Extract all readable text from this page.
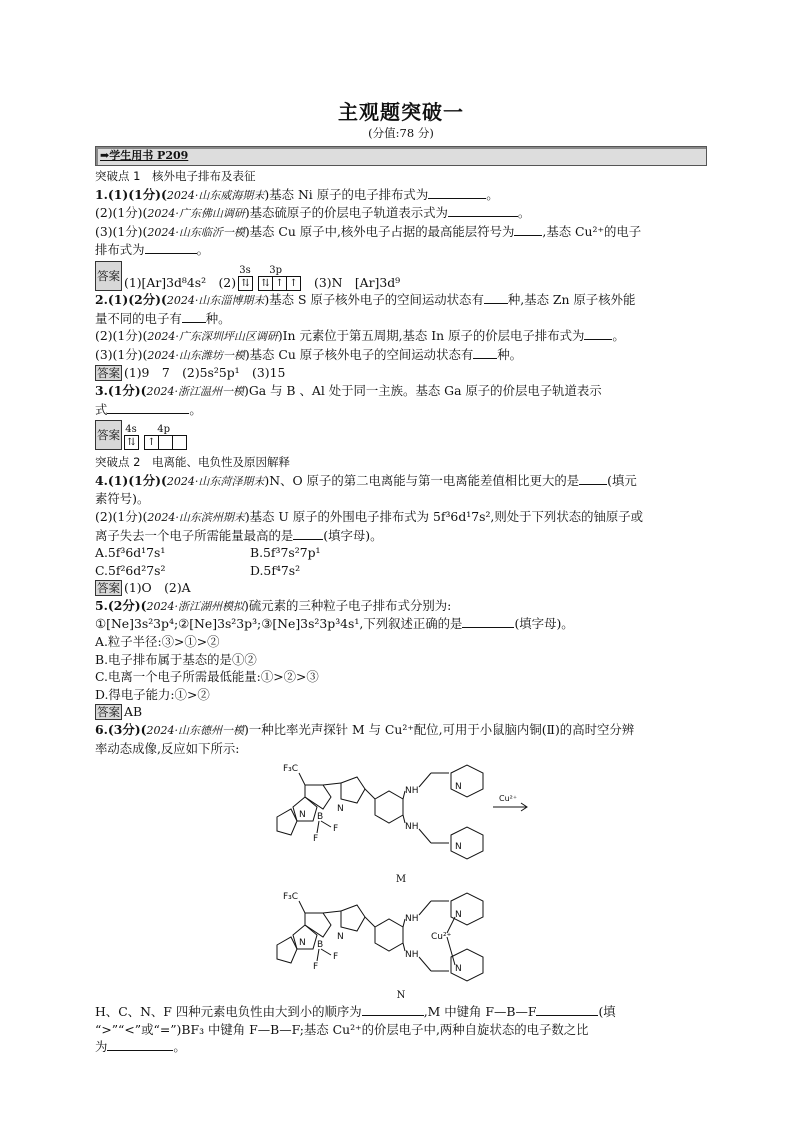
主观题突破一
(分值:78 分)
➡学生用书 P209
突破点 1　核外电子排布及表征
1.(1)(1分)(2024·山东威海期末)基态 Ni 原子的电子排布式为	。
(2)(1分)(2024·广东佛山调研)基态硫原子的价层电子轨道表示式为	。
(3)(1分)(2024·山东临沂一模)基态 Cu 原子中,核外电子占据的最高能层符号为 ,基态 Cu²⁺的电子
排布式为	。
答案 (1)[Ar]3d⁸4s²　(2)
3s	3p
⇅	⇅ ↑ ↑ (3)N　[Ar]3d⁹
2.(1)(2分)(2024·山东淄博期末)基态 S 原子核外电子的空间运动状态有 种,基态 Zn 原子核外能
量不同的电子有 种。
(2)(1分)(2024·广东深圳坪山区调研)In 元素位于第五周期,基态 In 原子的价层电子排布式为 。
(3)(1分)(2024·山东潍坊一模)基态 Cu 原子核外电子的空间运动状态有 种。
答案 (1)9　7　(2)5s²5p¹　(3)15
3.(1分)(2024·浙江温州一模)Ga 与 B 、Al 处于同一主族。基态 Ga 原子的价层电子轨道表示
式	。
答案 4s	4p
⇅	↑
突破点 2　电离能、电负性及原因解释
4.(1)(1分)(2024·山东菏泽期末)N、O 原子的第二电离能与第一电离能差值相比更大的是 (填元
素符号)。
(2)(1分)(2024·山东滨州期末)基态 U 原子的外围电子排布式为 5f³6d¹7s²,则处于下列状态的铀原子或
离子失去一个电子所需能量最高的是 (填字母)。
A.5f³6d¹7s¹	B.5f³7s²7p¹
C.5f²6d²7s²	D.5f⁴7s²
答案 (1)O　(2)A
5.(2分)(2024·浙江湖州模拟)硫元素的三种粒子电子排布式分别为:
①[Ne]3s²3p⁴;②[Ne]3s²3p³;③[Ne]3s²3p³4s¹,下列叙述正确的是	(填字母)。
A.粒子半径:③>①>②
B.电子排布属于基态的是①②
C.电离一个电子所需最低能量:①>②>③
D.得电子能力:①>②
答案 AB
6.(3分)(2024·山东德州一模)一种比率光声探针 M 与 Cu²⁺配位,可用于小鼠脑内铜(Ⅱ)的高时空分辨
率动态成像,反应如下所示:
F₃C
B
N
N
F
F
NH
NH
N
N
Cu²⁺
M
F₃C
B
N
N
F
F
NH
NH
Cu²⁺
N
N
N
H、C、N、F 四种元素电负性由大到小的顺序为	,M 中键角 F—B—F	(填
“>”“<”或“=”)BF₃ 中键角 F—B—F;基态 Cu²⁺的价层电子中,两种自旋状态的电子数之比
为	。
